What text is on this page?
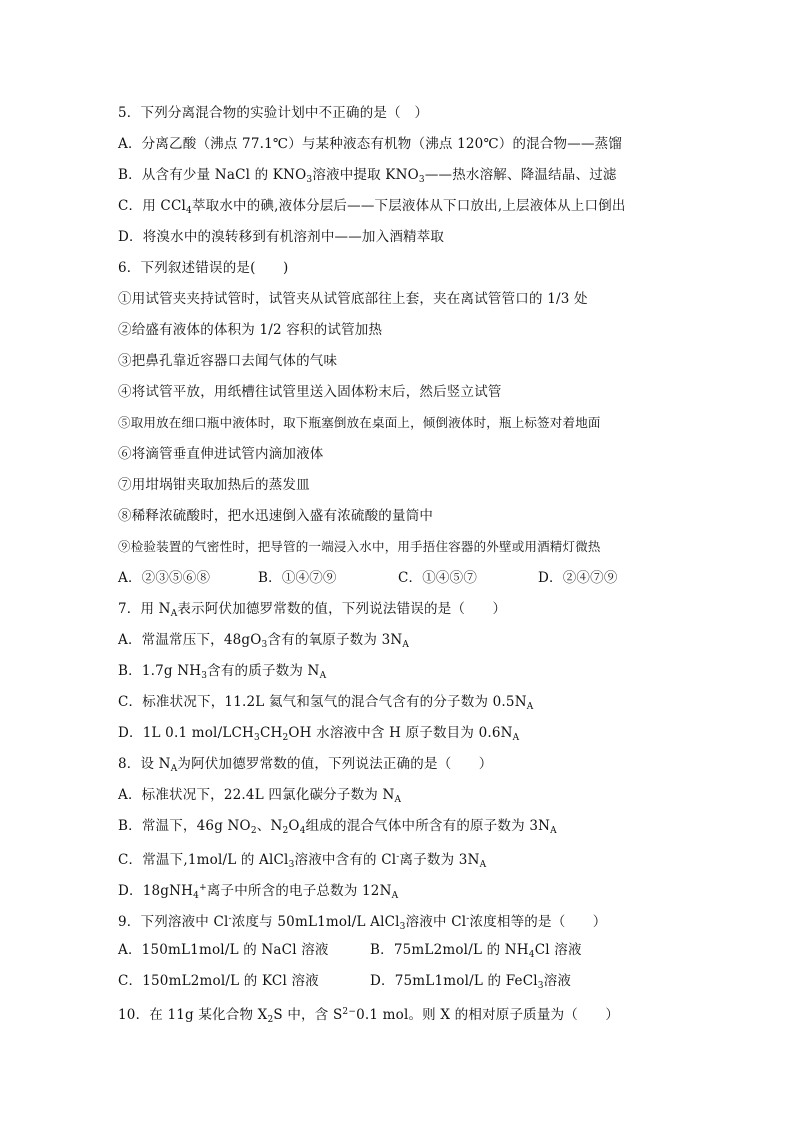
5．下列分离混合物的实验计划中不正确的是（　）
A．分离乙酸（沸点 77.1℃）与某种液态有机物（沸点 120℃）的混合物——蒸馏
B．从含有少量 NaCl 的 $KNO_3$溶液中提取 $KNO_3——$热水溶解、降温结晶、过滤
C．用 CCl$_4$萃取水中的碘,液体分层后——下层液体从下口放出,上层液体从上口倒出
D．将溴水中的溴转移到有机溶剂中——加入酒精萃取
6．下列叙述错误的是(　　)
①用试管夹夹持试管时，试管夹从试管底部往上套，夹在离试管管口的 1/3 处
②给盛有液体的体积为 1/2 容积的试管加热
③把鼻孔靠近容器口去闻气体的气味
④将试管平放，用纸槽往试管里送入固体粉末后，然后竖立试管
⑤取用放在细口瓶中液体时，取下瓶塞倒放在桌面上，倾倒液体时，瓶上标签对着地面
⑥将滴管垂直伸进试管内滴加液体
⑦用坩埚钳夹取加热后的蒸发皿
⑧稀释浓硫酸时，把水迅速倒入盛有浓硫酸的量筒中
⑨检验装置的气密性时，把导管的一端浸入水中，用手捂住容器的外壁或用酒精灯微热
A．②③⑤⑥⑧	B．①④⑦⑨	C．①④⑤⑦	D．②④⑦⑨
7．用 $N_A$表示阿伏加德罗常数的值，下列说法错误的是（　　）
A．常温常压下，$48gO_3$含有的氧原子数为 $3N_A$
B．1.7g $NH_3$含有的质子数为 $N_A$
C．标准状况下，11.2L 氦气和氢气的混合气含有的分子数为 $0.5N_A$
D．1L 0.1 mol/$LCH_3CH_2OH$ 水溶液中含 H 原子数目为 $0.6N_A$
8．设 $N_A$为阿伏加德罗常数的值，下列说法正确的是（　　）
A．标准状况下，22.4L 四氯化碳分子数为 $N_A$
B．常温下，46g $NO_2$、$N_2O_4$组成的混合气体中所含有的原子数为 $3N_A$
C．常温下,1mol/L 的 AlCl$_3$溶液中含有的 Cl-离子数为 $3N_A$
D．18gNH$_4$+离子中所含的电子总数为 $12N_A$
9．下列溶液中 Cl-浓度与 50mL1mol/L AlCl$_3$溶液中 Cl-浓度相等的是（　　）
A．150mL1mol/L 的 NaCl 溶液	B．75mL2mol/L 的 $NH_4Cl$ 溶液
C．150mL2mol/L 的 KCl 溶液	D．75mL1mol/L 的 FeCl$_3$溶液
10．在 11g 某化合物 $X_2S$ 中，含 $S^{2-}0.1$ mol。则 X 的相对原子质量为（　　）
